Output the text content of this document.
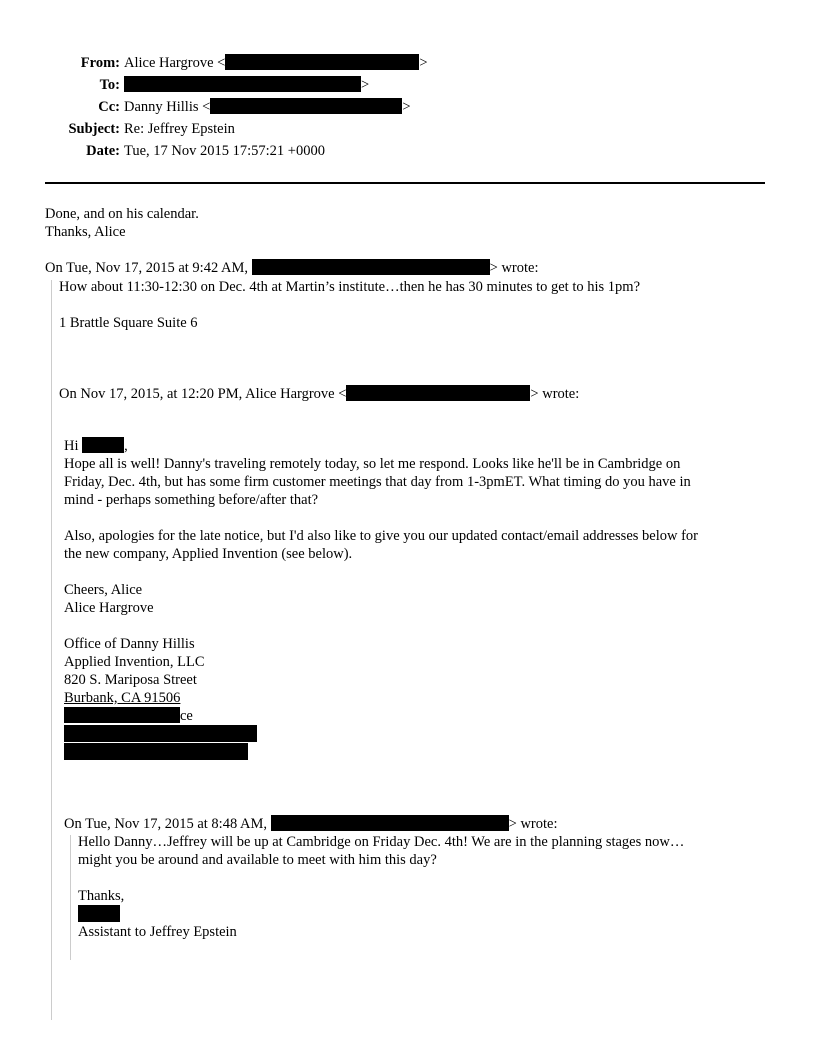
From: Alice Hargrove <	>
To:	>
Cc: Danny Hillis <	>
Subject: Re: Jeffrey Epstein
Date: Tue, 17 Nov 2015 17:57:21 +0000
Done, and on his calendar.
Thanks, Alice
On Tue, Nov 17, 2015 at 9:42 AM,	> wrote:
How about 11:30-12:30 on Dec. 4th at Martin’s institute…then he has 30 minutes to get to his 1pm?
1 Brattle Square Suite 6
On Nov 17, 2015, at 12:20 PM, Alice Hargrove <	> wrote:
Hi	,
Hope all is well! Danny's traveling remotely today, so let me respond. Looks like he'll be in Cambridge on
Friday, Dec. 4th, but has some firm customer meetings that day from 1-3pmET. What timing do you have in
mind - perhaps something before/after that?
Also, apologies for the late notice, but I'd also like to give you our updated contact/email addresses below for
the new company, Applied Invention (see below).
Cheers, Alice
Alice Hargrove
Office of Danny Hillis
Applied Invention, LLC
820 S. Mariposa Street
Burbank, CA 91506
ce
On Tue, Nov 17, 2015 at 8:48 AM,	> wrote:
Hello Danny…Jeffrey will be up at Cambridge on Friday Dec. 4th! We are in the planning stages now…
might you be around and available to meet with him this day?
Thanks,
Assistant to Jeffrey Epstein
